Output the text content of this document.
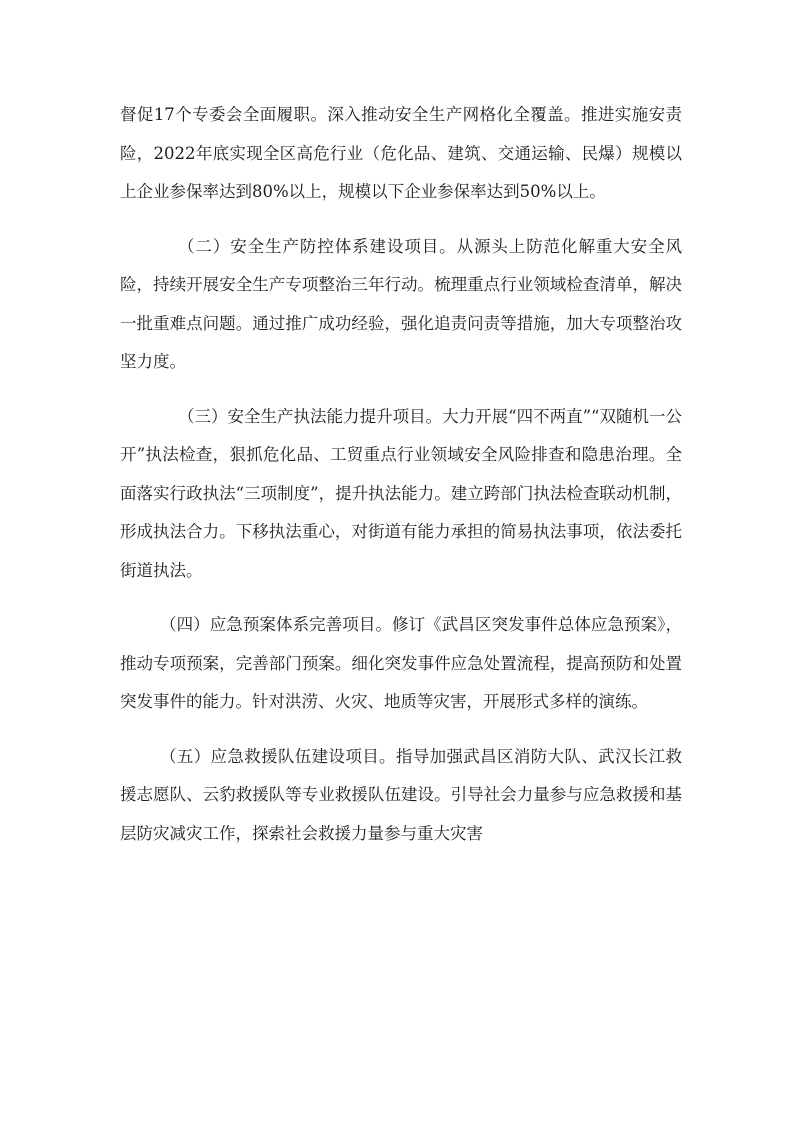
督促17个专委会全面履职。深入推动安全生产网格化全覆盖。推进实施安责险，2022年底实现全区高危行业（危化品、建筑、交通运输、民爆）规模以上企业参保率达到80%以上，规模以下企业参保率达到50%以上。

（二）安全生产防控体系建设项目。从源头上防范化解重大安全风险，持续开展安全生产专项整治三年行动。梳理重点行业领域检查清单，解决一批重难点问题。通过推广成功经验，强化追责问责等措施，加大专项整治攻坚力度。

（三）安全生产执法能力提升项目。大力开展“四不两直”“双随机一公开”执法检查，狠抓危化品、工贸重点行业领域安全风险排查和隐患治理。全面落实行政执法“三项制度”，提升执法能力。建立跨部门执法检查联动机制，形成执法合力。下移执法重心，对街道有能力承担的简易执法事项，依法委托街道执法。

（四）应急预案体系完善项目。修订《武昌区突发事件总体应急预案》，推动专项预案，完善部门预案。细化突发事件应急处置流程，提高预防和处置突发事件的能力。针对洪涝、火灾、地质等灾害，开展形式多样的演练。

（五）应急救援队伍建设项目。指导加强武昌区消防大队、武汉长江救援志愿队、云豹救援队等专业救援队伍建设。引导社会力量参与应急救援和基层防灾减灾工作，探索社会救援力量参与重大灾害
